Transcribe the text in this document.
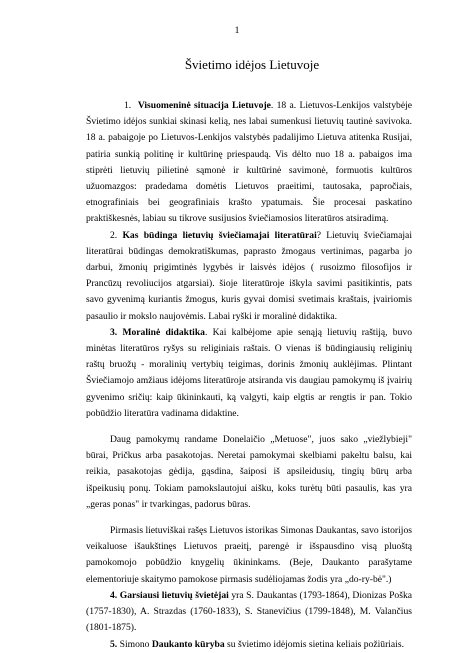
1
Švietimo idėjos Lietuvoje

1. Visuomeninė situacija Lietuvoje. 18 a. Lietuvos-Lenkijos valstybėje Švietimo idėjos sunkiai skinasi kelią, nes labai sumenkusi lietuvių tautinė savivoka. 18 a. pabaigoje po Lietuvos-Lenkijos valstybės padalijimo Lietuva atitenka Rusijai, patiria sunkią politinę ir kultūrinę priespaudą. Vis dėlto nuo 18 a. pabaigos ima stiprėti lietuvių pilietinė sąmonė ir kultūrinė savimonė, formuotis kultūros užuomazgos: pradedama domėtis Lietuvos praeitimi, tautosaka, papročiais, etnografiniais bei geografiniais krašto ypatumais. Šie procesai paskatino praktiškesnės, labiau su tikrove susijusios šviečiamosios literatūros atsiradimą.

2. Kas būdinga lietuvių šviečiamajai literatūrai? Lietuvių šviečiamajai literatūrai būdingas demokratiškumas, paprasto žmogaus vertinimas, pagarba jo darbui, žmonių prigimtinės lygybės ir laisvės idėjos ( rusoizmo filosofijos ir Prancūzų revoliucijos atgarsiai). šioje literatūroje iškyla savimi pasitikintis, pats savo gyvenimą kuriantis žmogus, kuris gyvai domisi svetimais kraštais, įvairiomis pasaulio ir mokslo naujovėmis. Labai ryški ir moralinė didaktika.

3. Moralinė didaktika. Kai kalbėjome apie senąją lietuvių raštiją, buvo minėtas literatūros ryšys su religiniais raštais. O vienas iš būdingiausių religinių raštų bruožų - moralinių vertybių teigimas, dorinis žmonių auklėjimas. Plintant Šviečiamojo amžiaus idėjoms literatūroje atsiranda vis daugiau pamokymų iš įvairių gyvenimo sričių: kaip ūkininkauti, ką valgyti, kaip elgtis ar rengtis ir pan. Tokio pobūdžio literatūra vadinama didaktine.

Daug pamokymų randame Donelaičio „Metuose", juos sako „viežlybieji" būrai, Pričkus arba pasakotojas. Neretai pamokymai skelbiami pakeltu balsu, kai reikia, pasakotojas gėdija, gąsdina, šaiposi iš apsileidusių, tingių būrų arba išpeikusių ponų. Tokiam pamokslautojui aišku, koks turėtų būti pasaulis, kas yra „geras ponas" ir tvarkingas, padorus būras.

Pirmasis lietuviškai rašęs Lietuvos istorikas Simonas Daukantas, savo istorijos veikaluose išaukštinęs Lietuvos praeitį, parengė ir išspausdino visą pluoštą pamokomojo pobūdžio knygelių ūkininkams. (Beje, Daukanto parašytame elementoriuje skaitymo pamokose pirmasis sudėliojamas žodis yra „do-ry-bė".)

4. Garsiausi lietuvių švietėjai yra S. Daukantas (1793-1864), Dionizas Poška (1757-1830), A. Strazdas (1760-1833), S. Stanevičius (1799-1848), M. Valančius (1801-1875).

5. Simono Daukanto kūryba su švietimo idėjomis sietina keliais požiūriais.
